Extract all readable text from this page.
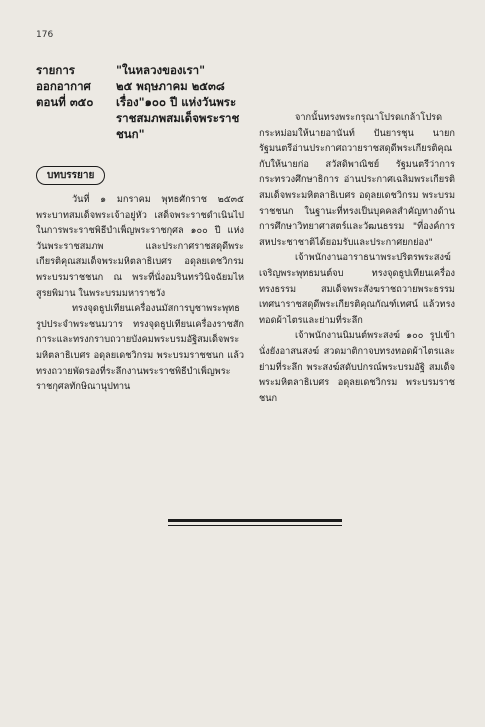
176
รายการ	"ในหลวงของเรา"
ออกอากาศ	๒๕ พฤษภาคม ๒๕๓๘
ตอนที่ ๓๕๐	เรื่อง"๑๐๐ ปี แห่งวันพระ
ราชสมภพสมเด็จพระราช
ชนก"
บทบรรยาย

วันที่ ๑ มกราคม พุทธศักราช ๒๕๓๕ พระบาทสมเด็จพระเจ้าอยู่หัว เสด็จพระราชดำเนินไปในการพระราชพิธีบำเพ็ญพระราชกุศล ๑๐๐ ปี แห่งวันพระราชสมภพ และประกาศราชสดุดีพระเกียรติคุณสมเด็จพระมหิตลาธิเบศร อดุลยเดชวิกรม พระบรมราชชนก ณ พระที่นั่งอมรินทรวินิจฉัยมไหสูรยพิมาน ในพระบรมมหาราชวัง

ทรงจุดธูปเทียนเครื่องนมัสการบูชาพระพุทธรูปประจำพระชนมวาร ทรงจุดธูปเทียนเครื่องราชสักการะและทรงกราบถวายบังคมพระบรมอัฐิสมเด็จพระมหิตลาธิเบศร อดุลยเดชวิกรม พระบรมราชชนก แล้วทรงถวายพัดรองที่ระลึกงานพระราชพิธีบำเพ็ญพระราชกุศลทักษิณานุปทาน

จากนั้นทรงพระกรุณาโปรดเกล้าโปรดกระหม่อมให้นายอานันท์ ปันยารชุน นายกรัฐมนตรีอ่านประกาศถวายราชสดุดีพระเกียรติคุณกับให้นายก่อ สวัสดิพาณิชย์ รัฐมนตรีว่าการกระทรวงศึกษาธิการ อ่านประกาศเฉลิมพระเกียรติ สมเด็จพระมหิตลาธิเบศร อดุลยเดชวิกรม พระบรมราชชนก ในฐานะที่ทรงเป็นบุคคลสำคัญทางด้านการศึกษาวิทยาศาสตร์และวัฒนธรรม "ที่องค์การสหประชาชาติได้ยอมรับและประกาศยกย่อง"

เจ้าพนักงานอาราธนาพระปริตรพระสงฆ์เจริญพระพุทธมนต์จบ ทรงจุดธูปเทียนเครื่องทรงธรรม สมเด็จพระสังฆราชถวายพระธรรมเทศนาราชสดุดีพระเกียรติคุณกัณฑ์เทศน์ แล้วทรงทอดผ้าไตรและย่ามที่ระลึก

เจ้าพนักงานนิมนต์พระสงฆ์ ๑๐๐ รูปเข้านั่งยังอาสนสงฆ์ สวดมาติกาจบทรงทอดผ้าไตรและย่ามที่ระลึก พระสงฆ์สดับปกรณ์พระบรมอัฐิ สมเด็จพระมหิตลาธิเบศร อดุลยเดชวิกรม พระบรมราชชนก
